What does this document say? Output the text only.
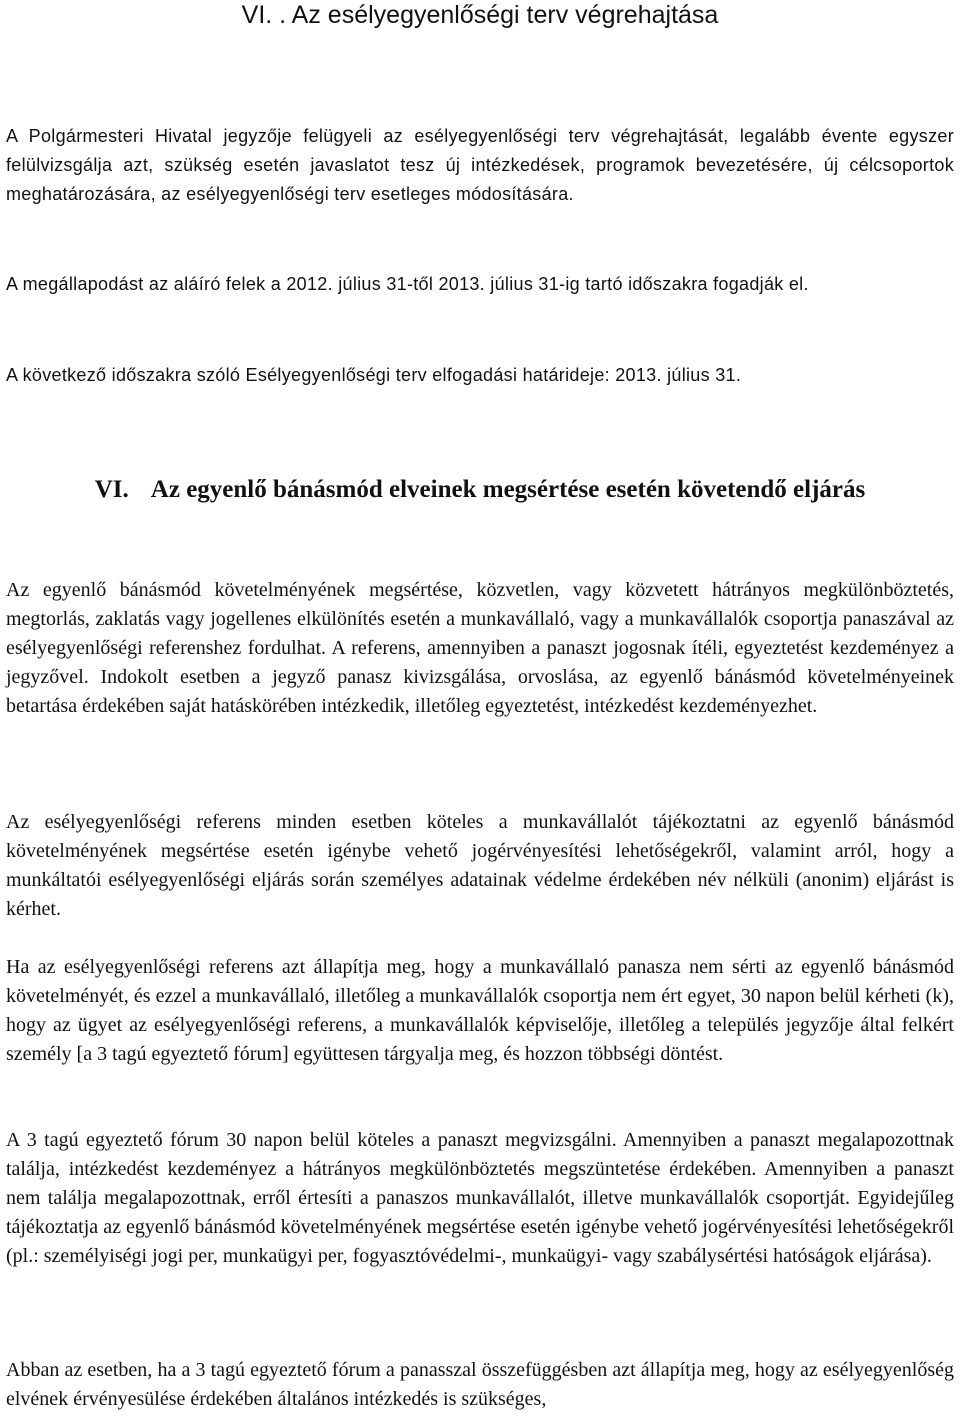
VI. . Az esélyegyenlőségi terv végrehajtása

A Polgármesteri Hivatal jegyzője felügyeli az esélyegyenlőségi terv végrehajtását, legalább évente egyszer felülvizsgálja azt, szükség esetén javaslatot tesz új intézkedések, programok bevezetésére, új célcsoportok meghatározására, az esélyegyenlőségi terv esetleges módosítására.

A megállapodást az aláíró felek a 2012. július 31-től 2013. július 31-ig tartó időszakra fogadják el.

A következő időszakra szóló Esélyegyenlőségi terv elfogadási határideje: 2013. július 31.

VI. Az egyenlő bánásmód elveinek megsértése esetén követendő eljárás

Az egyenlő bánásmód követelményének megsértése, közvetlen, vagy közvetett hátrányos megkülönböztetés, megtorlás, zaklatás vagy jogellenes elkülönítés esetén a munkavállaló, vagy a munkavállalók csoportja panaszával az esélyegyenlőségi referenshez fordulhat. A referens, amennyiben a panaszt jogosnak ítéli, egyeztetést kezdeményez a jegyzővel. Indokolt esetben a jegyző panasz kivizsgálása, orvoslása, az egyenlő bánásmód követelményeinek betartása érdekében saját hatáskörében intézkedik, illetőleg egyeztetést, intézkedést kezdeményezhet.

Az esélyegyenlőségi referens minden esetben köteles a munkavállalót tájékoztatni az egyenlő bánásmód követelményének megsértése esetén igénybe vehető jogérvényesítési lehetőségekről, valamint arról, hogy a munkáltatói esélyegyenlőségi eljárás során személyes adatainak védelme érdekében név nélküli (anonim) eljárást is kérhet.

Ha az esélyegyenlőségi referens azt állapítja meg, hogy a munkavállaló panasza nem sérti az egyenlő bánásmód követelményét, és ezzel a munkavállaló, illetőleg a munkavállalók csoportja nem ért egyet, 30 napon belül kérheti (k), hogy az ügyet az esélyegyenlőségi referens, a munkavállalók képviselője, illetőleg a település jegyzője által felkért személy [a 3 tagú egyeztető fórum] együttesen tárgyalja meg, és hozzon többségi döntést.

A 3 tagú egyeztető fórum 30 napon belül köteles a panaszt megvizsgálni. Amennyiben a panaszt megalapozottnak találja, intézkedést kezdeményez a hátrányos megkülönböztetés megszüntetése érdekében. Amennyiben a panaszt nem találja megalapozottnak, erről értesíti a panaszos munkavállalót, illetve munkavállalók csoportját. Egyidejűleg tájékoztatja az egyenlő bánásmód követelményének megsértése esetén igénybe vehető jogérvényesítési lehetőségekről (pl.: személyiségi jogi per, munkaügyi per, fogyasztóvédelmi-, munkaügyi- vagy szabálysértési hatóságok eljárása).

Abban az esetben, ha a 3 tagú egyeztető fórum a panasszal összefüggésben azt állapítja meg, hogy az esélyegyenlőség elvének érvényesülése érdekében általános intézkedés is szükséges,
